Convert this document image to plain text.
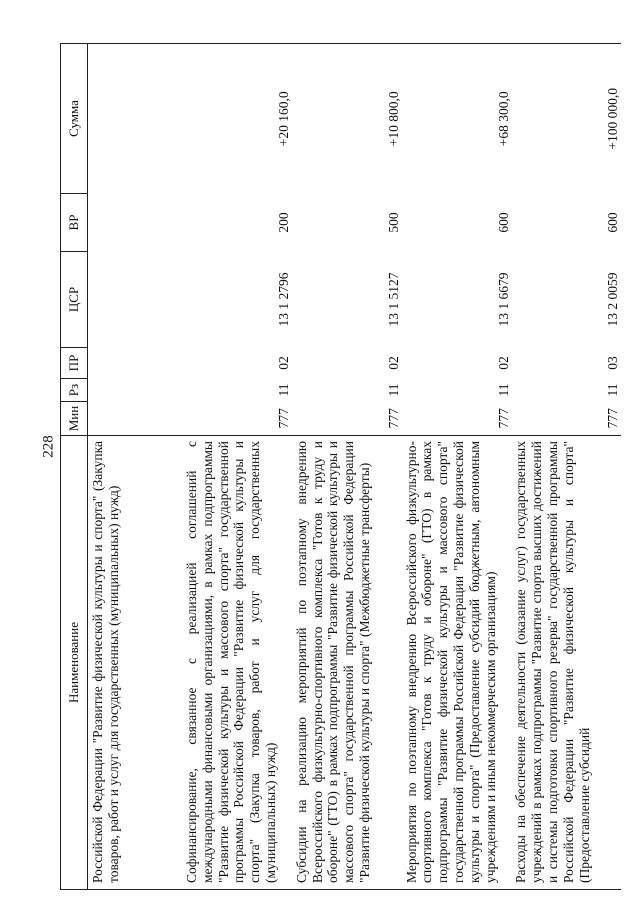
228
Наименование	Мин	Рз	ПР	ЦСР	ВР	Сумма
Российской Федерации "Развитие физической культуры и спорта" (Закупка товаров, работ и услуг для государственных (муниципальных) нужд)						
Софинансирование, связанное с реализацией соглашений с международными финансовыми организациями, в рамках подпрограммы "Развитие физической культуры и массового спорта" государственной программы Российской Федерации "Развитие физической культуры и спорта" (Закупка товаров, работ и услуг для государственных (муниципальных) нужд)	777	11	02	13 1 2796	200	+20 160,0
Субсидии на реализацию мероприятий по поэтапному внедрению Всероссийского физкультурно-спортивного комплекса "Готов к труду и обороне" (ГТО) в рамках подпрограммы "Развитие физической культуры и массового спорта" государственной программы Российской Федерации "Развитие физической культуры и спорта" (Межбюджетные трансферты)	777	11	02	13 1 5127	500	+10 800,0
Мероприятия по поэтапному внедрению Всероссийского физкультурно-спортивного комплекса "Готов к труду и обороне" (ГТО) в рамках подпрограммы "Развитие физической культуры и массового спорта" государственной программы Российской Федерации "Развитие физической культуры и спорта" (Предоставление субсидий бюджетным, автономным учреждениям и иным некоммерческим организациям)	777	11	02	13 1 6679	600	+68 300,0
Расходы на обеспечение деятельности (оказание услуг) государственных учреждений в рамках подпрограммы "Развитие спорта высших достижений и системы подготовки спортивного резерва" государственной программы Российской Федерации "Развитие физической культуры и спорта" (Предоставление субсидий	777	11	03	13 2 0059	600	+100 000,0
